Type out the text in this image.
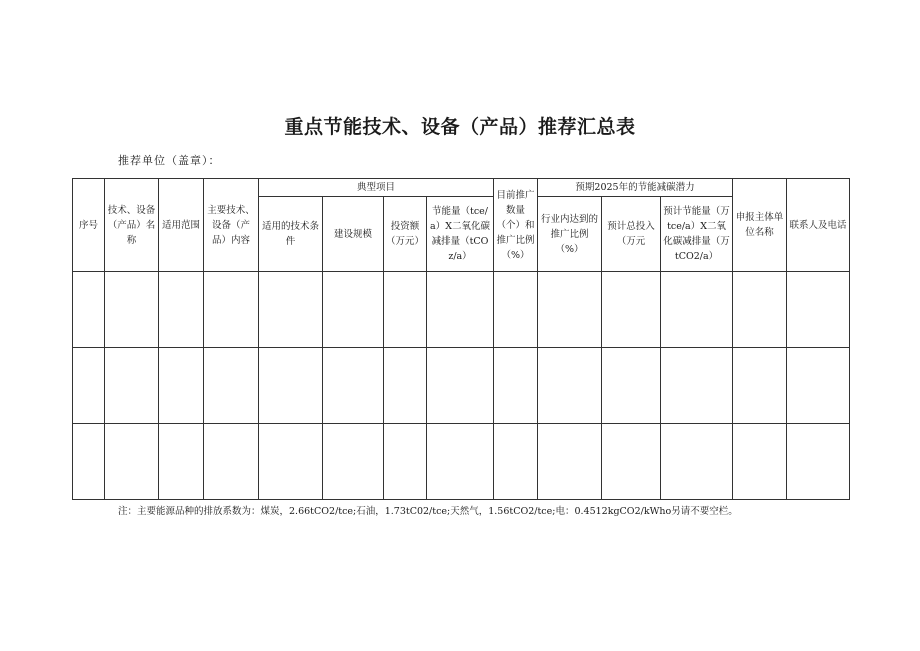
重点节能技术、设备（产品）推荐汇总表
推荐单位（盖章）：
序号	技术、设备（产品）名称	适用范围	主要技术、设备（产品）内容	典型项目				目前推广数量（个）和推广比例（%）	预期2025年的节能减碳潜力			申报主体单位名称	联系人及电话
				适用的技术条件	建设规模	投资额（万元）	节能量（tce/a）X二氧化碳减排量（tCOz/a）		行业内达到的推广比例（%）	预计总投入（万元	预计节能量（万tce/a）X二氧化碳减排量（万tCO2/a）		

注：主要能源品种的排放系数为：煤炭，2.66tCO2/tce;石油，1.73tC02/tce;天然气，1.56tCO2/tce;电：0.4512kgCO2/kWho另请不要空栏。
